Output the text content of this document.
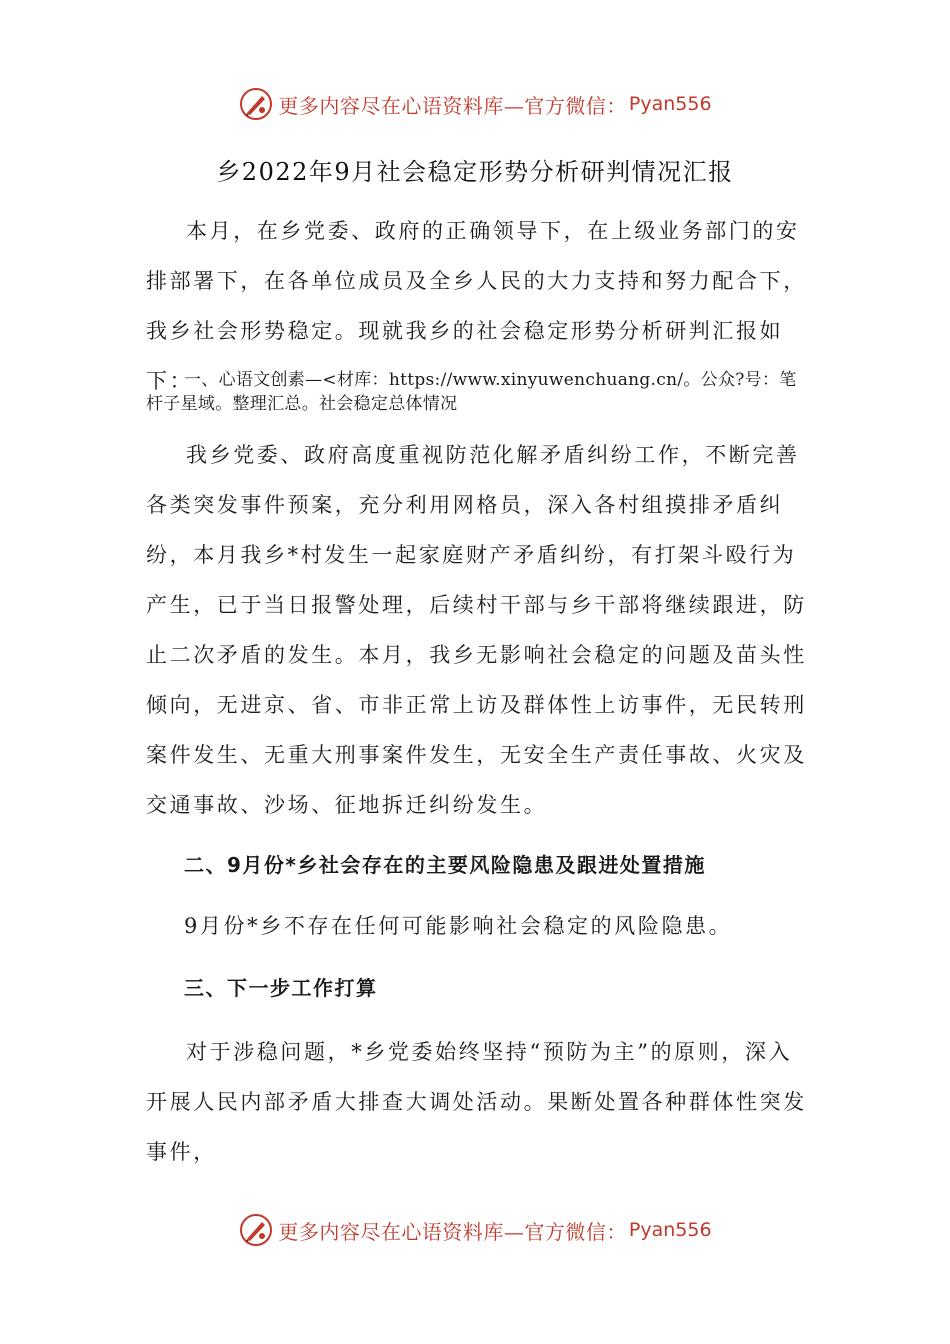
更多内容尽在心语资料库—官方微信： Pyan556
乡2022年9月社会稳定形势分析研判情况汇报
本月，在乡党委、政府的正确领导下，在上级业务部门的安排部署下，在各单位成员及全乡人民的大力支持和努力配合下，我乡社会形势稳定。现就我乡的社会稳定形势分析研判汇报如下：
一、心语文创素—<材库：https://www.xinyuwenchuang.cn/。公众?号：笔杆子星域。整理汇总。社会稳定总体情况
我乡党委、政府高度重视防范化解矛盾纠纷工作，不断完善各类突发事件预案，充分利用网格员，深入各村组摸排矛盾纠纷，本月我乡*村发生一起家庭财产矛盾纠纷，有打架斗殴行为产生，已于当日报警处理，后续村干部与乡干部将继续跟进，防止二次矛盾的发生。本月，我乡无影响社会稳定的问题及苗头性倾向，无进京、省、市非正常上访及群体性上访事件，无民转刑案件发生、无重大刑事案件发生，无安全生产责任事故、火灾及交通事故、沙场、征地拆迁纠纷发生。
二、9月份*乡社会存在的主要风险隐患及跟进处置措施
9月份*乡不存在任何可能影响社会稳定的风险隐患。
三、下一步工作打算
对于涉稳问题，*乡党委始终坚持“预防为主”的原则，深入开展人民内部矛盾大排查大调处活动。果断处置各种群体性突发事件，
更多内容尽在心语资料库—官方微信： Pyan556
